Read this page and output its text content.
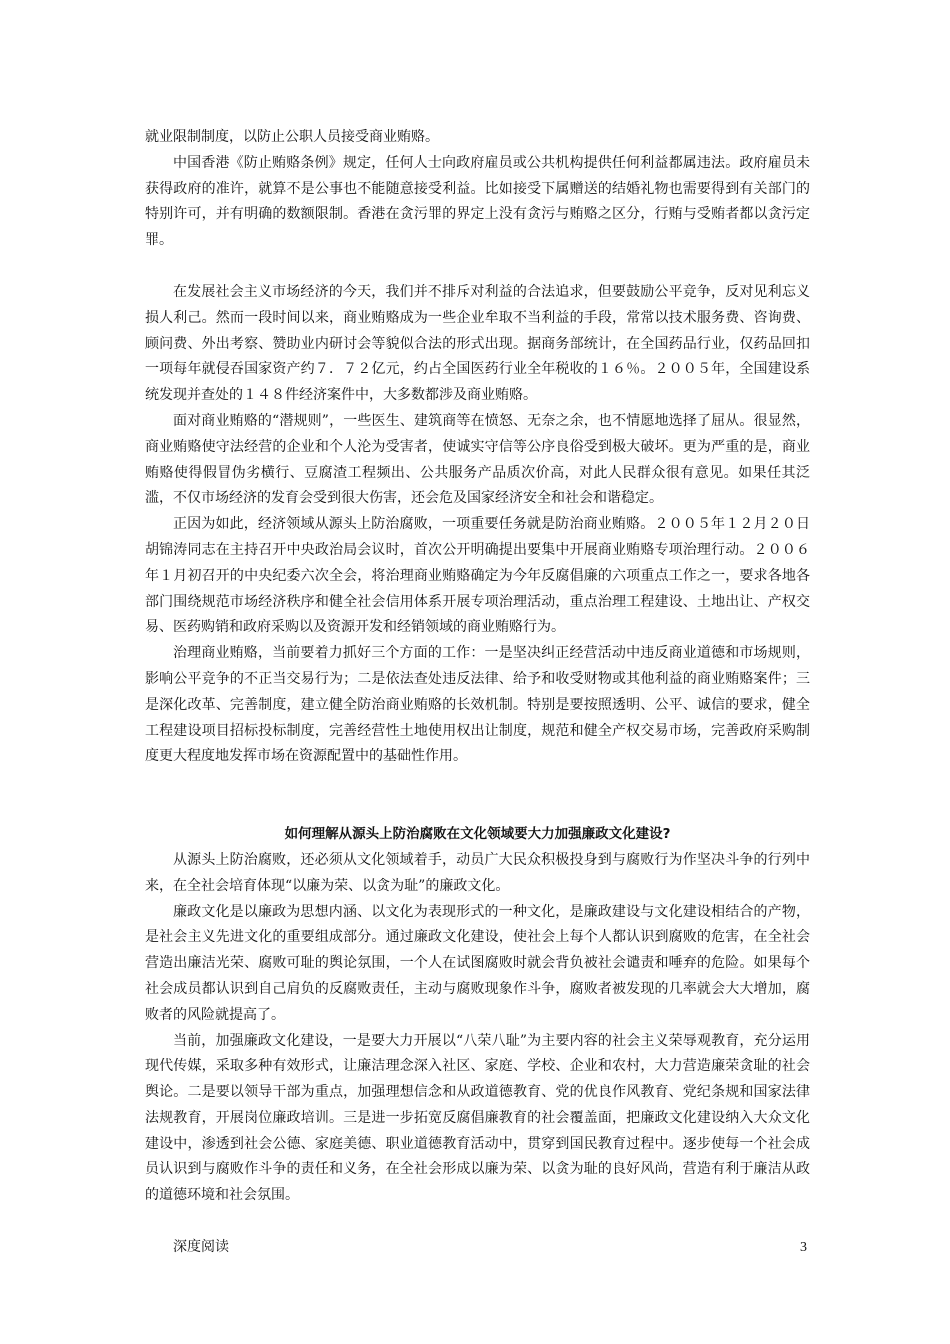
就业限制制度，以防止公职人员接受商业贿赂。

中国香港《防止贿赂条例》规定，任何人士向政府雇员或公共机构提供任何利益都属违法。政府雇员未获得政府的准许，就算不是公事也不能随意接受利益。比如接受下属赠送的结婚礼物也需要得到有关部门的特别许可，并有明确的数额限制。香港在贪污罪的界定上没有贪污与贿赂之区分，行贿与受贿者都以贪污定罪。

在发展社会主义市场经济的今天，我们并不排斥对利益的合法追求，但要鼓励公平竞争，反对见利忘义损人利己。然而一段时间以来，商业贿赂成为一些企业牟取不当利益的手段，常常以技术服务费、咨询费、顾问费、外出考察、赞助业内研讨会等貌似合法的形式出现。据商务部统计，在全国药品行业，仅药品回扣一项每年就侵吞国家资产约７．７２亿元，约占全国医药行业全年税收的１６％。２００５年，全国建设系统发现并查处的１４８件经济案件中，大多数都涉及商业贿赂。

面对商业贿赂的“潜规则”，一些医生、建筑商等在愤怒、无奈之余，也不情愿地选择了屈从。很显然，商业贿赂使守法经营的企业和个人沦为受害者，使诚实守信等公序良俗受到极大破坏。更为严重的是，商业贿赂使得假冒伪劣横行、豆腐渣工程频出、公共服务产品质次价高，对此人民群众很有意见。如果任其泛滥，不仅市场经济的发育会受到很大伤害，还会危及国家经济安全和社会和谐稳定。

正因为如此，经济领域从源头上防治腐败，一项重要任务就是防治商业贿赂。２００５年１２月２０日胡锦涛同志在主持召开中央政治局会议时，首次公开明确提出要集中开展商业贿赂专项治理行动。２００６年１月初召开的中央纪委六次全会，将治理商业贿赂确定为今年反腐倡廉的六项重点工作之一，要求各地各部门围绕规范市场经济秩序和健全社会信用体系开展专项治理活动，重点治理工程建设、土地出让、产权交易、医药购销和政府采购以及资源开发和经销领域的商业贿赂行为。

治理商业贿赂，当前要着力抓好三个方面的工作：一是坚决纠正经营活动中违反商业道德和市场规则，影响公平竞争的不正当交易行为；二是依法查处违反法律、给予和收受财物或其他利益的商业贿赂案件；三是深化改革、完善制度，建立健全防治商业贿赂的长效机制。特别是要按照透明、公平、诚信的要求，健全工程建设项目招标投标制度，完善经营性土地使用权出让制度，规范和健全产权交易市场，完善政府采购制度更大程度地发挥市场在资源配置中的基础性作用。

如何理解从源头上防治腐败在文化领域要大力加强廉政文化建设?

从源头上防治腐败，还必须从文化领域着手，动员广大民众积极投身到与腐败行为作坚决斗争的行列中来，在全社会培育体现“以廉为荣、以贪为耻”的廉政文化。

廉政文化是以廉政为思想内涵、以文化为表现形式的一种文化，是廉政建设与文化建设相结合的产物，是社会主义先进文化的重要组成部分。通过廉政文化建设，使社会上每个人都认识到腐败的危害，在全社会营造出廉洁光荣、腐败可耻的舆论氛围，一个人在试图腐败时就会背负被社会谴责和唾弃的危险。如果每个社会成员都认识到自己肩负的反腐败责任，主动与腐败现象作斗争，腐败者被发现的几率就会大大增加，腐败者的风险就提高了。

当前，加强廉政文化建设，一是要大力开展以“八荣八耻”为主要内容的社会主义荣辱观教育，充分运用现代传媒，采取多种有效形式，让廉洁理念深入社区、家庭、学校、企业和农村，大力营造廉荣贪耻的社会舆论。二是要以领导干部为重点，加强理想信念和从政道德教育、党的优良作风教育、党纪条规和国家法律法规教育，开展岗位廉政培训。三是进一步拓宽反腐倡廉教育的社会覆盖面，把廉政文化建设纳入大众文化建设中，渗透到社会公德、家庭美德、职业道德教育活动中，贯穿到国民教育过程中。逐步使每一个社会成员认识到与腐败作斗争的责任和义务，在全社会形成以廉为荣、以贪为耻的良好风尚，营造有利于廉洁从政的道德环境和社会氛围。

深度阅读	3
